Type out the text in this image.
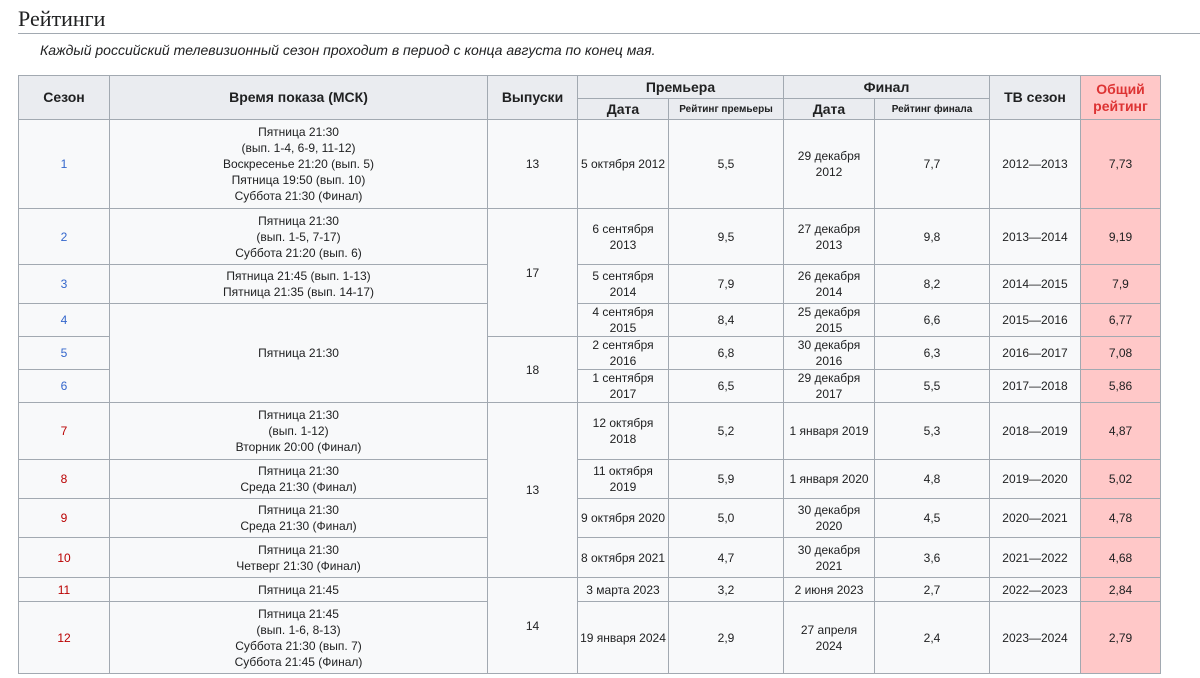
Рейтинги
Каждый российский телевизионный сезон проходит в период с конца августа по конец мая.
Сезон	Время показа (МСК)	Выпуски	Премьера		Финал		ТВ сезон	Общий рейтинг
			Дата	Рейтинг премьеры	Дата	Рейтинг финала		
1	Пятница 21:30
(вып. 1-4, 6-9, 11-12)
Воскресенье 21:20 (вып. 5)
Пятница 19:50 (вып. 10)
Суббота 21:30 (Финал)	13	5 октября 2012	5,5	29 декабря
2012	7,7	2012—2013	7,73
2	Пятница 21:30
(вып. 1-5, 7-17)
Суббота 21:20 (вып. 6)	17	6 сентября
2013	9,5	27 декабря
2013	9,8	2013—2014	9,19
3	Пятница 21:45 (вып. 1-13)
Пятница 21:35 (вып. 14-17)		5 сентября
2014	7,9	26 декабря
2014	8,2	2014—2015	7,9
4	Пятница 21:30		4 сентября
2015	8,4	25 декабря
2015	6,6	2015—2016	6,77
5		18	2 сентября
2016	6,8	30 декабря
2016	6,3	2016—2017	7,08
6			1 сентября
2017	6,5	29 декабря
2017	5,5	2017—2018	5,86
7	Пятница 21:30
(вып. 1-12)
Вторник 20:00 (Финал)	13	12 октября 2018	5,2	1 января 2019	5,3	2018—2019	4,87
8	Пятница 21:30
Среда 21:30 (Финал)		11 октября 2019	5,9	1 января 2020	4,8	2019—2020	5,02
9	Пятница 21:30
Среда 21:30 (Финал)		9 октября 2020	5,0	30 декабря
2020	4,5	2020—2021	4,78
10	Пятница 21:30
Четверг 21:30 (Финал)		8 октября 2021	4,7	30 декабря
2021	3,6	2021—2022	4,68
11	Пятница 21:45	14	3 марта 2023	3,2	2 июня 2023	2,7	2022—2023	2,84
12	Пятница 21:45
(вып. 1-6, 8-13)
Суббота 21:30 (вып. 7)
Суббота 21:45 (Финал)		19 января 2024	2,9	27 апреля 2024	2,4	2023—2024	2,79
